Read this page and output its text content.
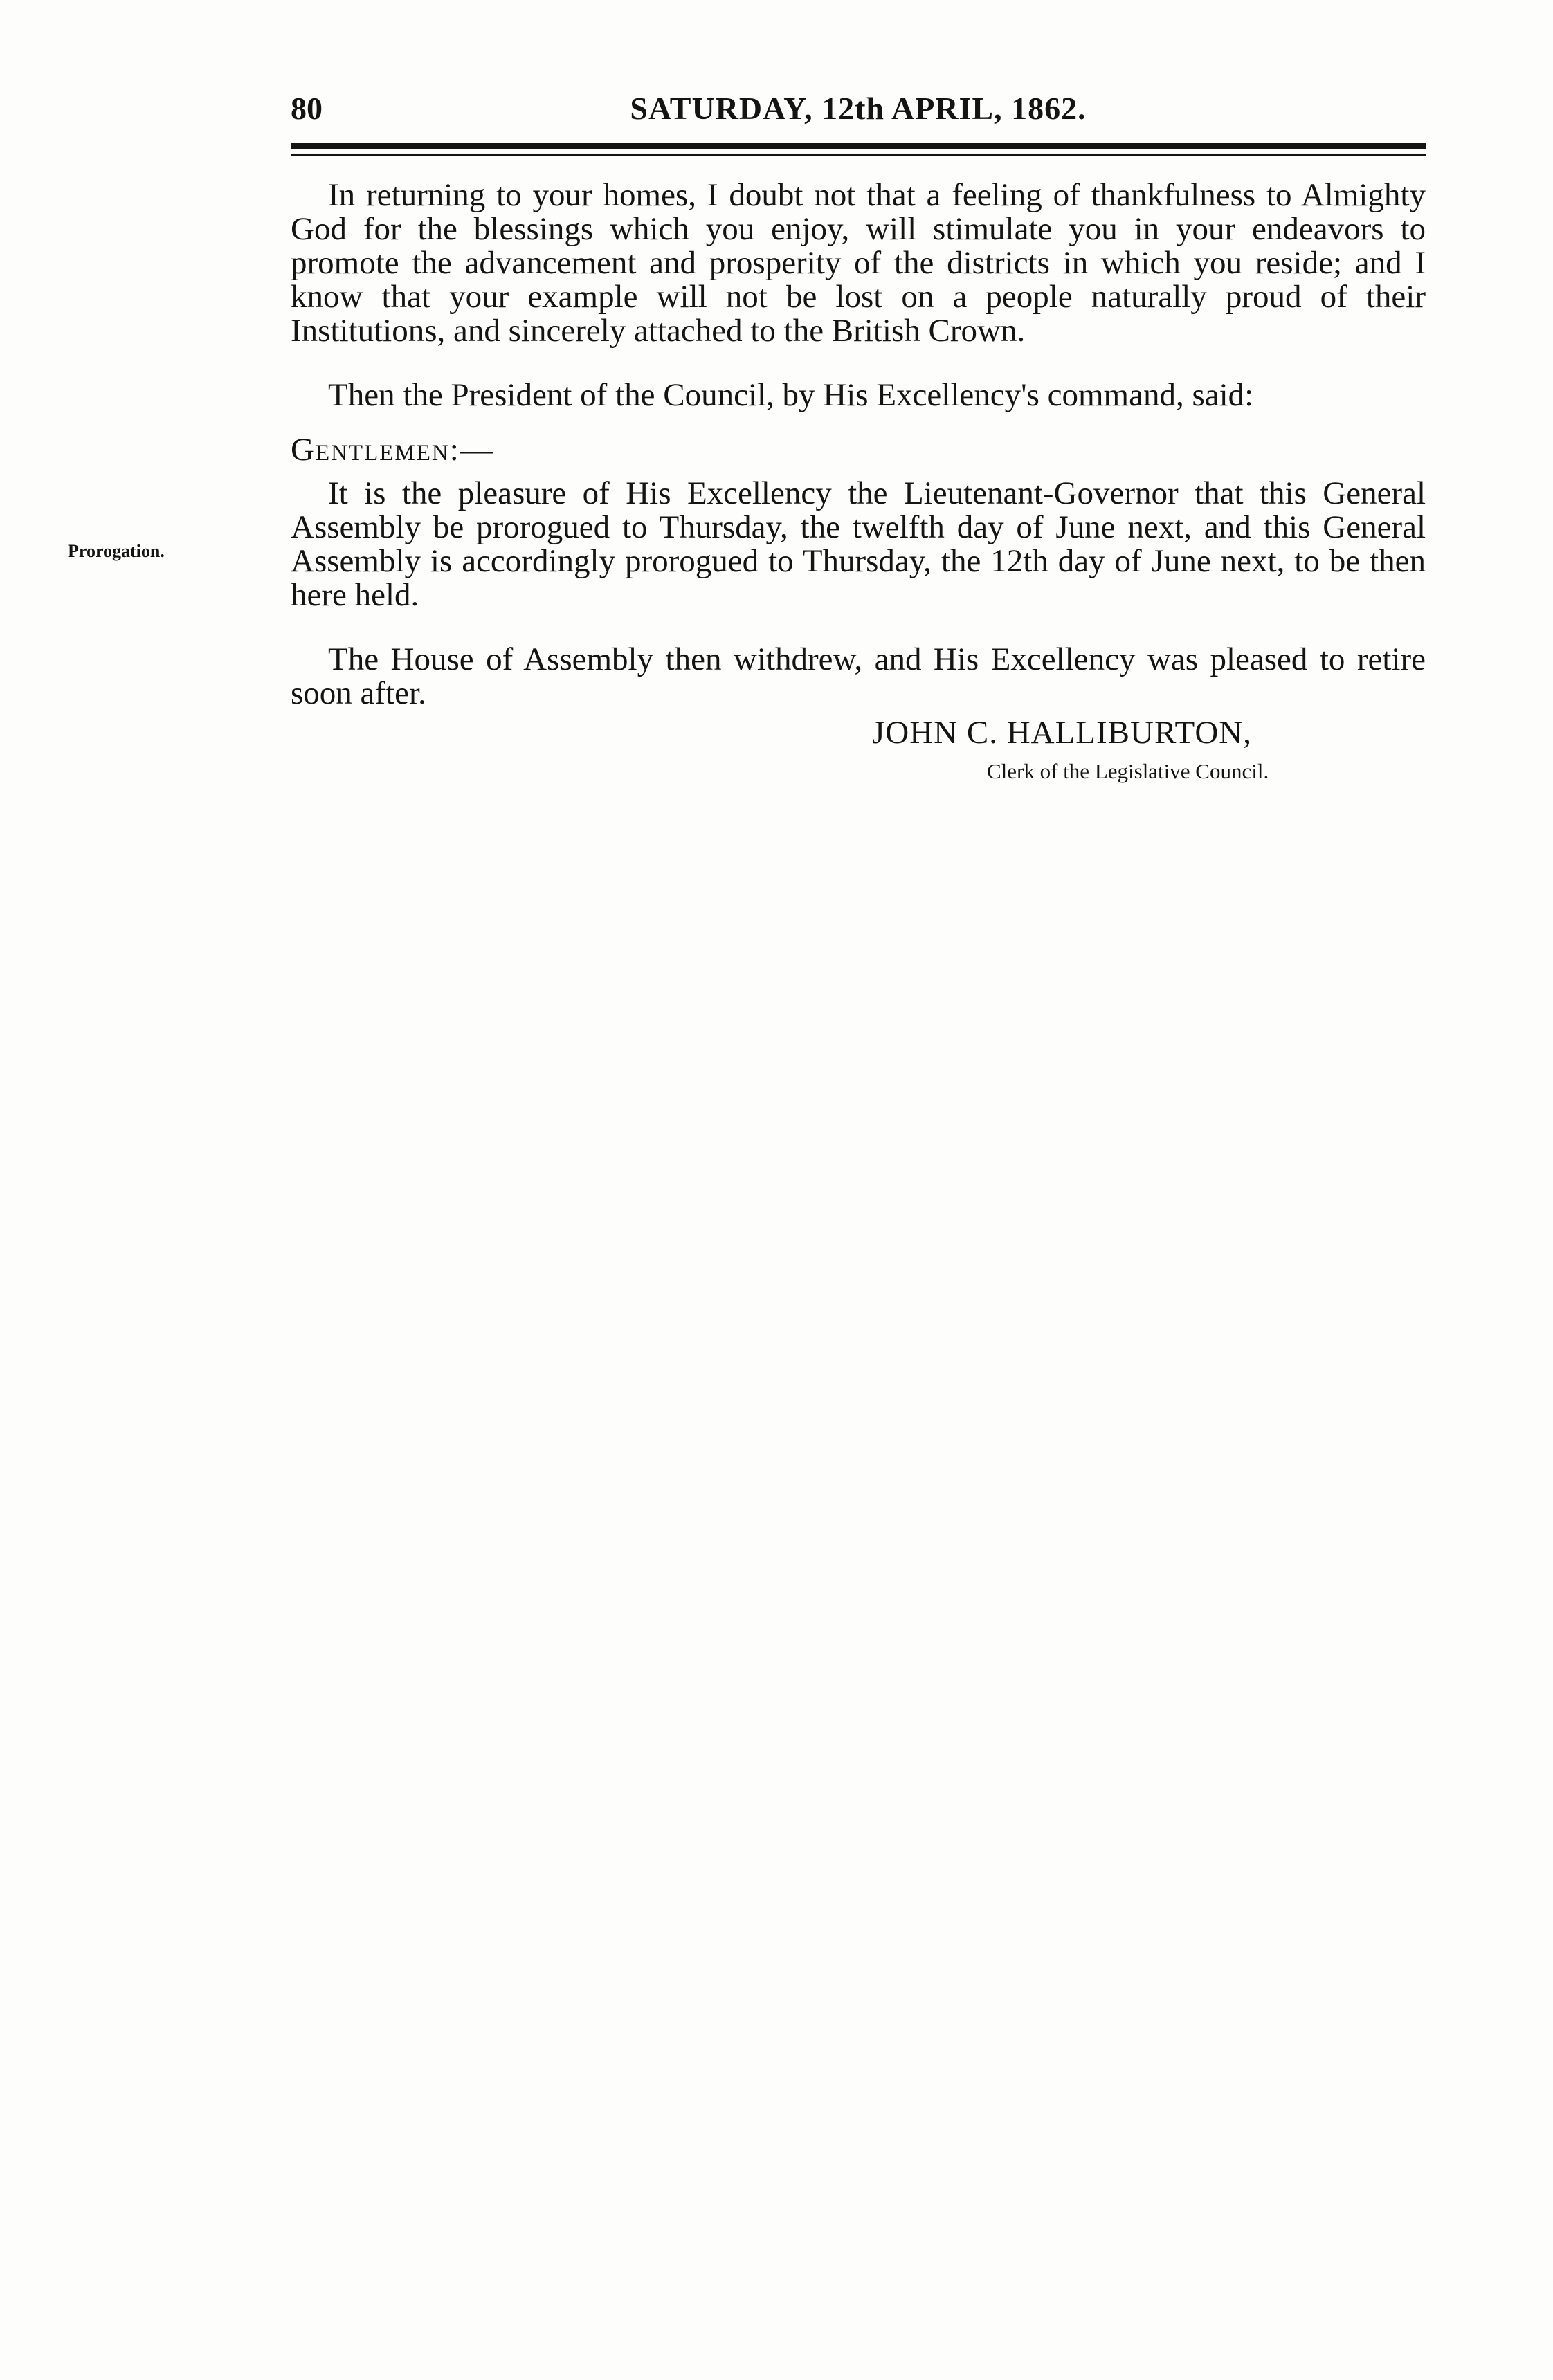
80	SATURDAY, 12th APRIL, 1862.
Prorogation.

In returning to your homes, I doubt not that a feeling of thankfulness to Almighty God for the blessings which you enjoy, will stimulate you in your endeavors to promote the advancement and prosperity of the districts in which you reside; and I know that your example will not be lost on a people naturally proud of their Institutions, and sincerely attached to the British Crown.

Then the President of the Council, by His Excellency's command, said:

Gentlemen:—

It is the pleasure of His Excellency the Lieutenant-Governor that this General Assembly be prorogued to Thursday, the twelfth day of June next, and this General Assembly is accordingly prorogued to Thursday, the 12th day of June next, to be then here held.

The House of Assembly then withdrew, and His Excellency was pleased to retire soon after.

JOHN C. HALLIBURTON,
Clerk of the Legislative Council.
